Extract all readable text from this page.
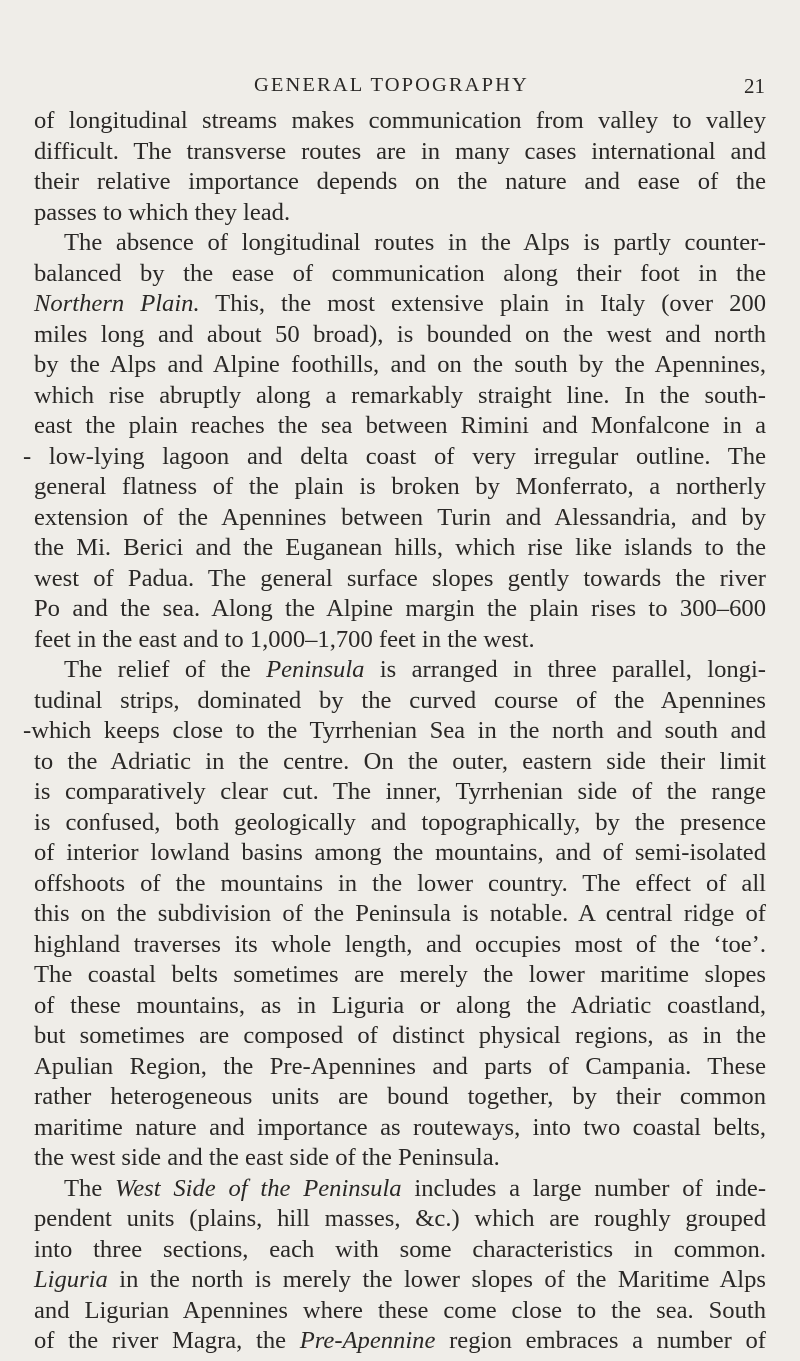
GENERAL TOPOGRAPHY	21
of longitudinal streams makes communication from valley to valley
difficult. The transverse routes are in many cases international and
their relative importance depends on the nature and ease of the
passes to which they lead.
The absence of longitudinal routes in the Alps is partly counter-
balanced by the ease of communication along their foot in the
Northern Plain. This, the most extensive plain in Italy (over 200
miles long and about 50 broad), is bounded on the west and north
by the Alps and Alpine foothills, and on the south by the Apennines,
which rise abruptly along a remarkably straight line. In the south-
east the plain reaches the sea between Rimini and Monfalcone in a
- low-lying lagoon and delta coast of very irregular outline. The
general flatness of the plain is broken by Monferrato, a northerly
extension of the Apennines between Turin and Alessandria, and by
the Mi. Berici and the Euganean hills, which rise like islands to the
west of Padua. The general surface slopes gently towards the river
Po and the sea. Along the Alpine margin the plain rises to 300–600
feet in the east and to 1,000–1,700 feet in the west.
The relief of the Peninsula is arranged in three parallel, longi-
tudinal strips, dominated by the curved course of the Apennines
-which keeps close to the Tyrrhenian Sea in the north and south and
to the Adriatic in the centre. On the outer, eastern side their limit
is comparatively clear cut. The inner, Tyrrhenian side of the range
is confused, both geologically and topographically, by the presence
of interior lowland basins among the mountains, and of semi-isolated
offshoots of the mountains in the lower country. The effect of all
this on the subdivision of the Peninsula is notable. A central ridge of
highland traverses its whole length, and occupies most of the ‘toe’.
The coastal belts sometimes are merely the lower maritime slopes
of these mountains, as in Liguria or along the Adriatic coastland,
but sometimes are composed of distinct physical regions, as in the
Apulian Region, the Pre-Apennines and parts of Campania. These
rather heterogeneous units are bound together, by their common
maritime nature and importance as routeways, into two coastal belts,
the west side and the east side of the Peninsula.
The West Side of the Peninsula includes a large number of inde-
pendent units (plains, hill masses, &c.) which are roughly grouped
into three sections, each with some characteristics in common.
Liguria in the north is merely the lower slopes of the Maritime Alps
and Ligurian Apennines where these come close to the sea. South
of the river Magra, the Pre-Apennine region embraces a number of
